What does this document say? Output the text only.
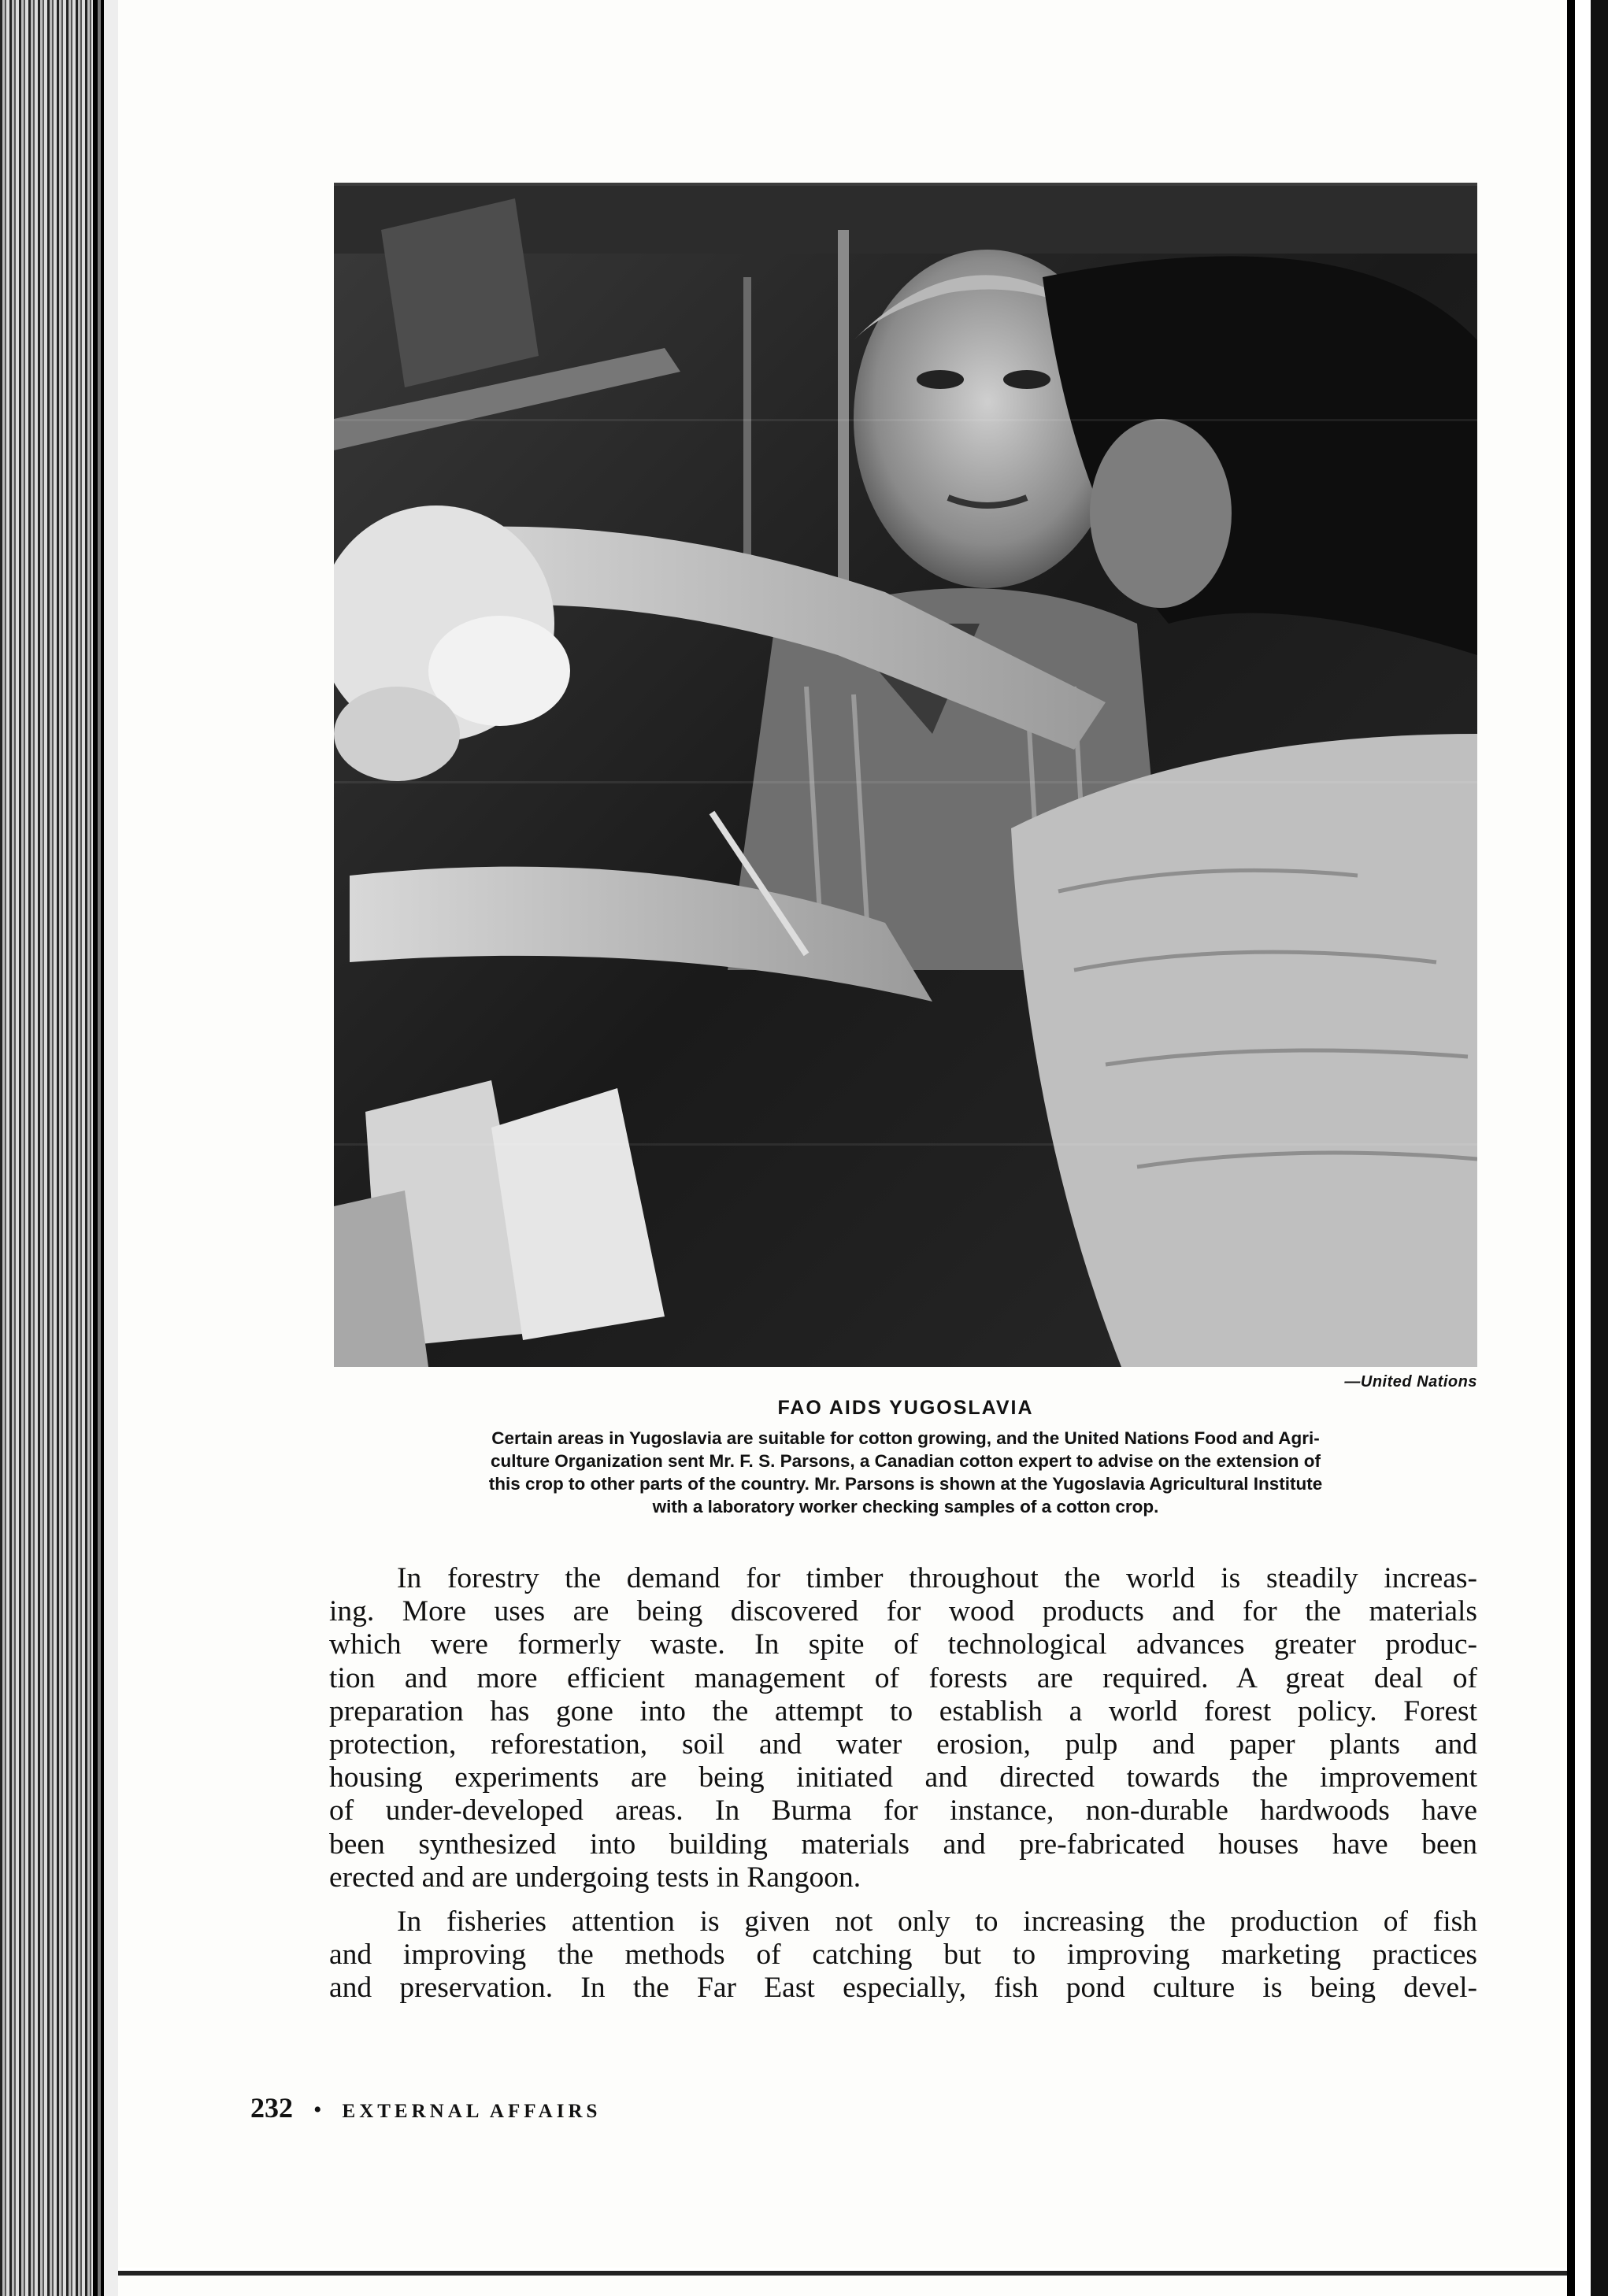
—United Nations
FAO AIDS YUGOSLAVIA
Certain areas in Yugoslavia are suitable for cotton growing, and the United Nations Food and Agri-
culture Organization sent Mr. F. S. Parsons, a Canadian cotton expert to advise on the extension of
this crop to other parts of the country. Mr. Parsons is shown at the Yugoslavia Agricultural Institute
with a laboratory worker checking samples of a cotton crop.
In forestry the demand for timber throughout the world is steadily increas-
ing. More uses are being discovered for wood products and for the materials
which were formerly waste. In spite of technological advances greater produc-
tion and more efficient management of forests are required. A great deal of
preparation has gone into the attempt to establish a world forest policy. Forest
protection, reforestation, soil and water erosion, pulp and paper plants and
housing experiments are being initiated and directed towards the improvement
of under-developed areas. In Burma for instance, non-durable hardwoods have
been synthesized into building materials and pre-fabricated houses have been
erected and are undergoing tests in Rangoon.
In fisheries attention is given not only to increasing the production of fish
and improving the methods of catching but to improving marketing practices
and preservation. In the Far East especially, fish pond culture is being devel-
232 • EXTERNAL AFFAIRS
